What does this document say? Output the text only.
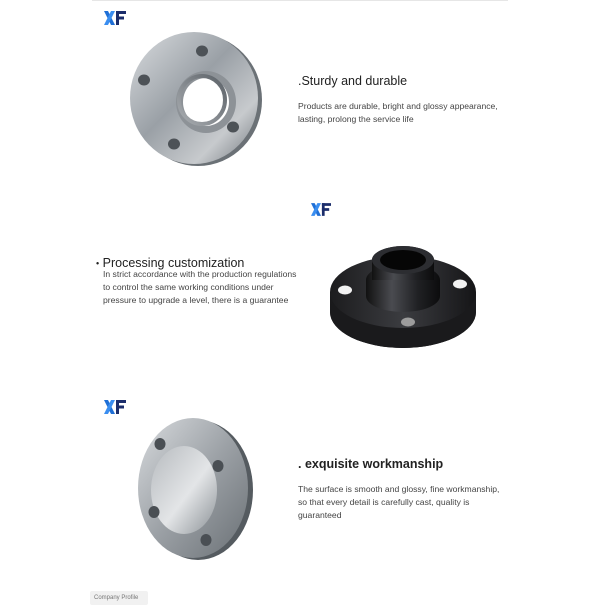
.Sturdy and durable
Products are durable, bright and glossy appearance, lasting, prolong the service life
• Processing customization
In strict accordance with the production regulations to control the same working conditions under pressure to upgrade a level, there is a guarantee
. exquisite workmanship
The surface is smooth and glossy, fine workmanship, so that every detail is carefully cast, quality is guaranteed
Company Profile
